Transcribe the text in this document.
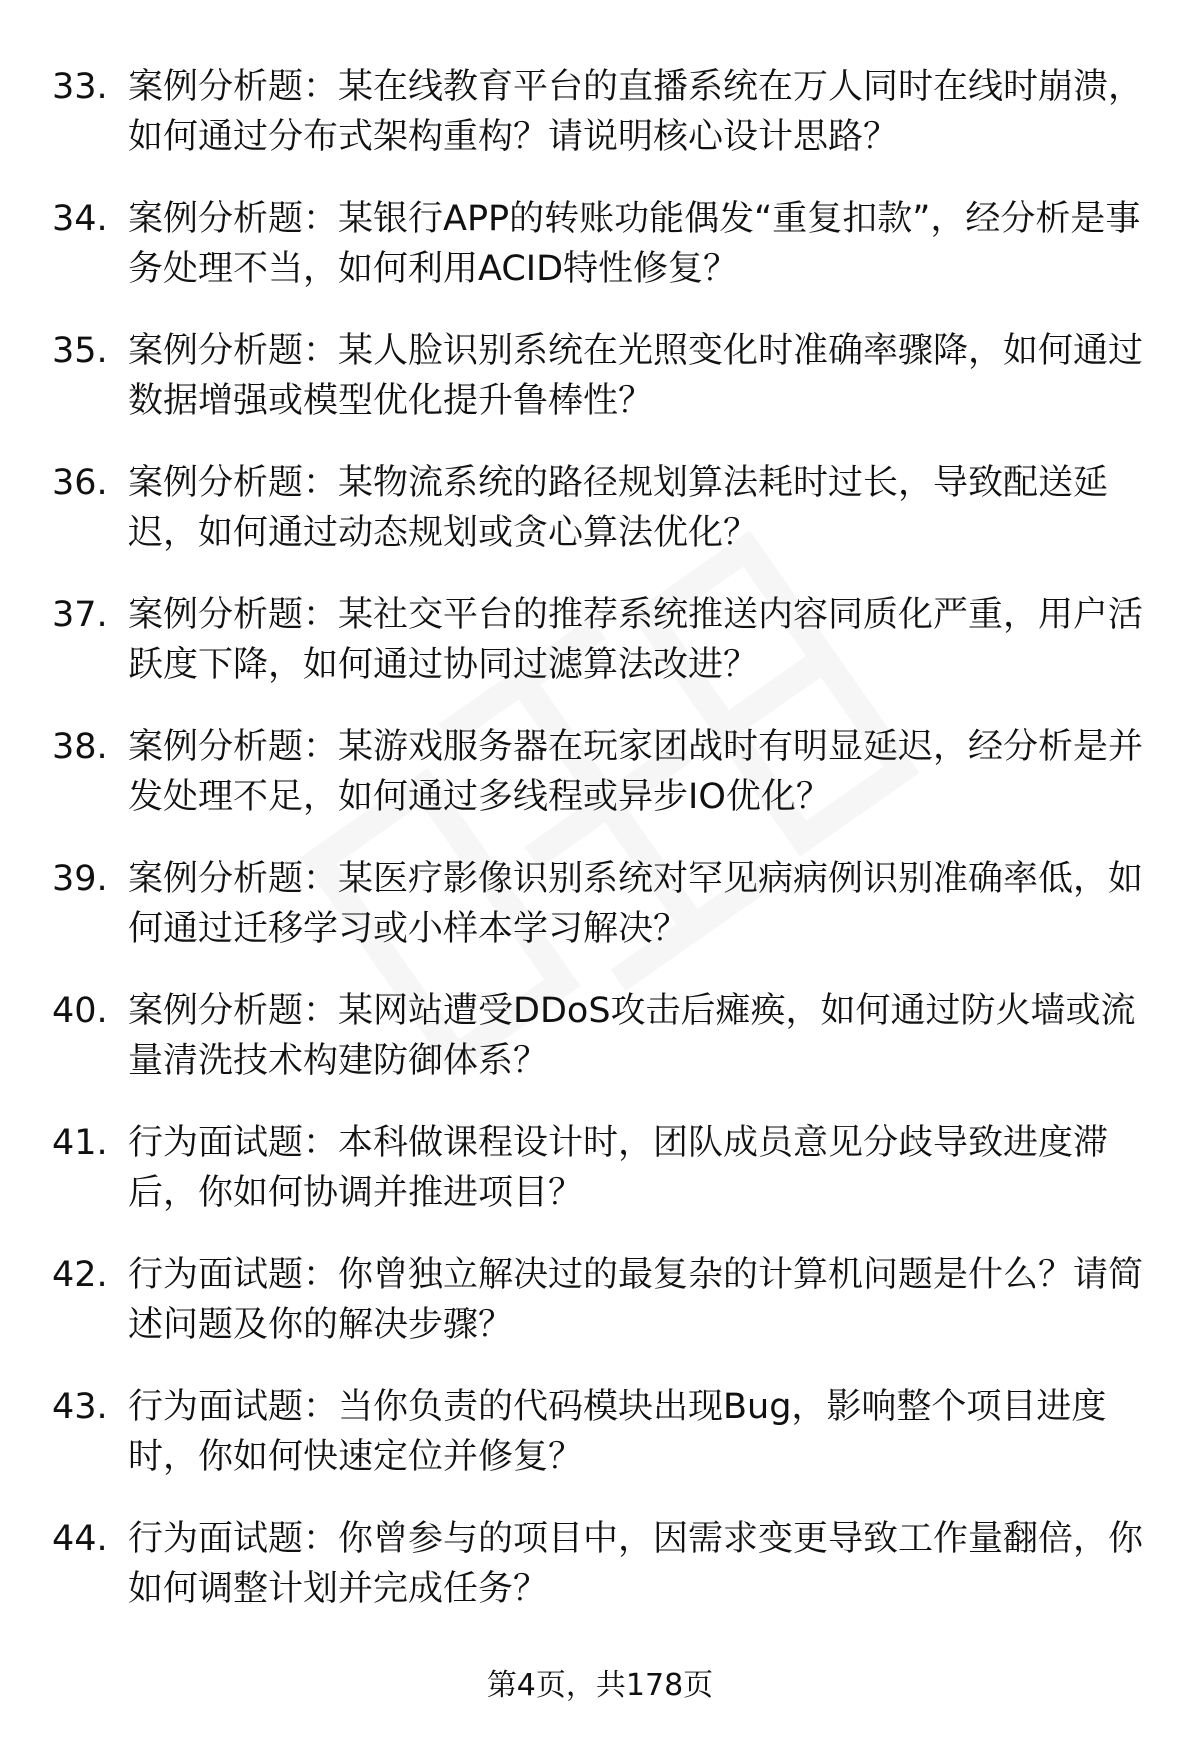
33. 案例分析题：某在线教育平台的直播系统在万人同时在线时崩溃，如何通过分布式架构重构？请说明核心设计思路？
34. 案例分析题：某银行APP的转账功能偶发“重复扣款”，经分析是事务处理不当，如何利用ACID特性修复？
35. 案例分析题：某人脸识别系统在光照变化时准确率骤降，如何通过数据增强或模型优化提升鲁棒性？
36. 案例分析题：某物流系统的路径规划算法耗时过长，导致配送延迟，如何通过动态规划或贪心算法优化？
37. 案例分析题：某社交平台的推荐系统推送内容同质化严重，用户活跃度下降，如何通过协同过滤算法改进？
38. 案例分析题：某游戏服务器在玩家团战时有明显延迟，经分析是并发处理不足，如何通过多线程或异步IO优化？
39. 案例分析题：某医疗影像识别系统对罕见病病例识别准确率低，如何通过迁移学习或小样本学习解决？
40. 案例分析题：某网站遭受DDoS攻击后瘫痪，如何通过防火墙或流量清洗技术构建防御体系？
41. 行为面试题：本科做课程设计时，团队成员意见分歧导致进度滞后，你如何协调并推进项目？
42. 行为面试题：你曾独立解决过的最复杂的计算机问题是什么？请简述问题及你的解决步骤？
43. 行为面试题：当你负责的代码模块出现Bug，影响整个项目进度时，你如何快速定位并修复？
44. 行为面试题：你曾参与的项目中，因需求变更导致工作量翻倍，你如何调整计划并完成任务？
第4页，共178页
